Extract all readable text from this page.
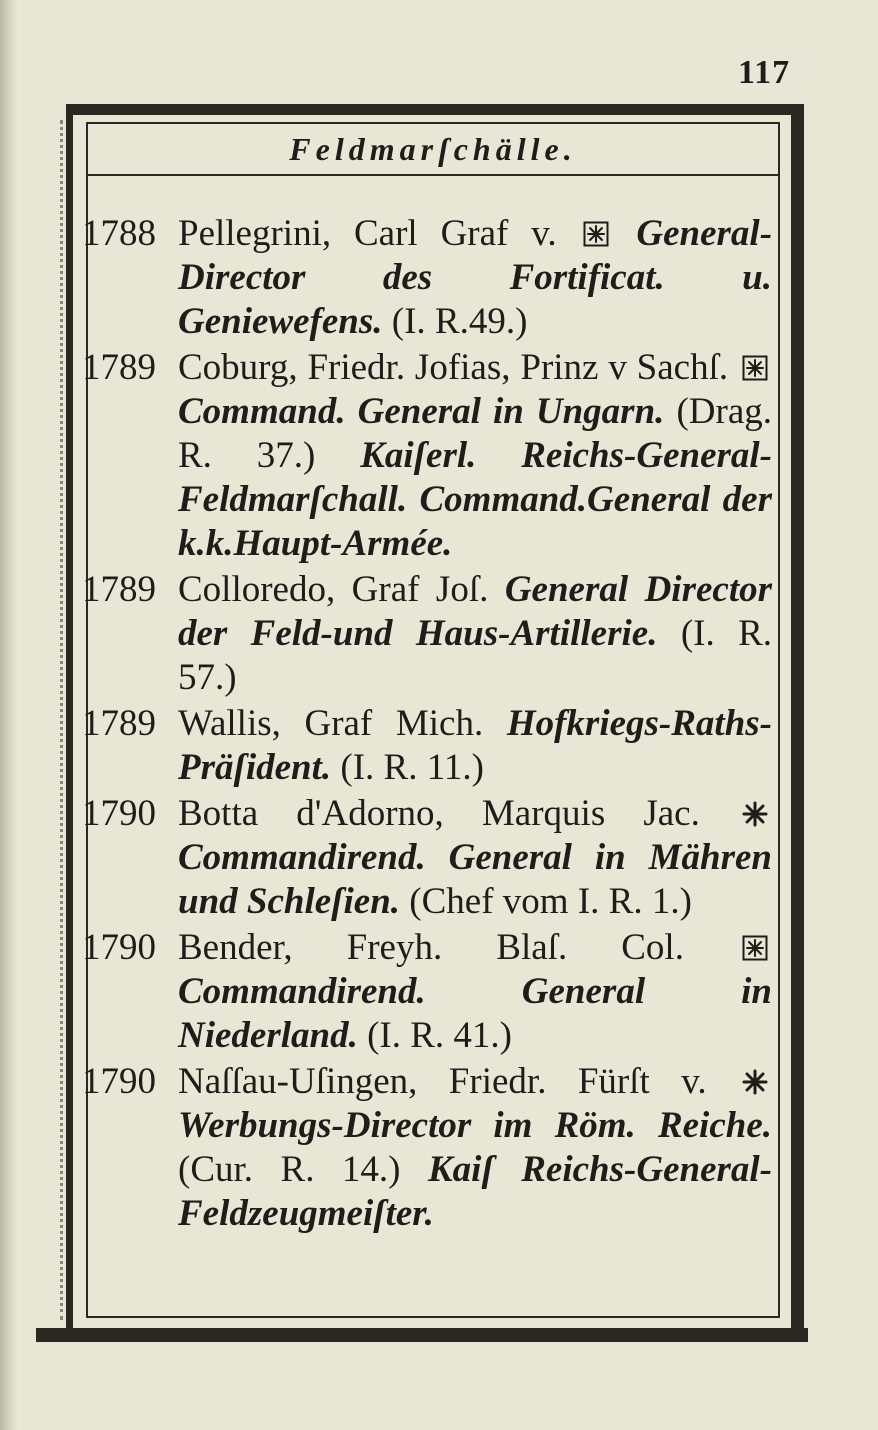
117
Feldmarſchälle.
1788 Pellegrini, Carl Graf v. General-Director des Fortificat. u. Geniewefens. (I. R.49.)
1789 Coburg, Friedr. Jofias, Prinz v Sachſ.  Command. General in Ungarn. (Drag. R. 37.) Kaiſerl. Reichs-General-Feldmarſchall. Command.General der k.k.Haupt-Armée.
1789 Colloredo, Graf Joſ. General Director der Feld-und Haus-Artillerie. (I. R. 57.)
1789 Wallis, Graf Mich. Hofkriegs-Raths-Präſident. (I. R. 11.)
1790 Botta d'Adorno, Marquis Jac.  Commandirend. General in Mähren und Schleſien. (Chef vom I. R. 1.)
1790 Bender, Freyh. Blaſ. Col.  Commandirend. General in Niederland. (I. R. 41.)
1790 Naſſau-Uſingen, Friedr. Fürſt v.  Werbungs-Director im Röm. Reiche. (Cur. R. 14.) Kaiſ Reichs-General-Feldzeugmeiſter.
